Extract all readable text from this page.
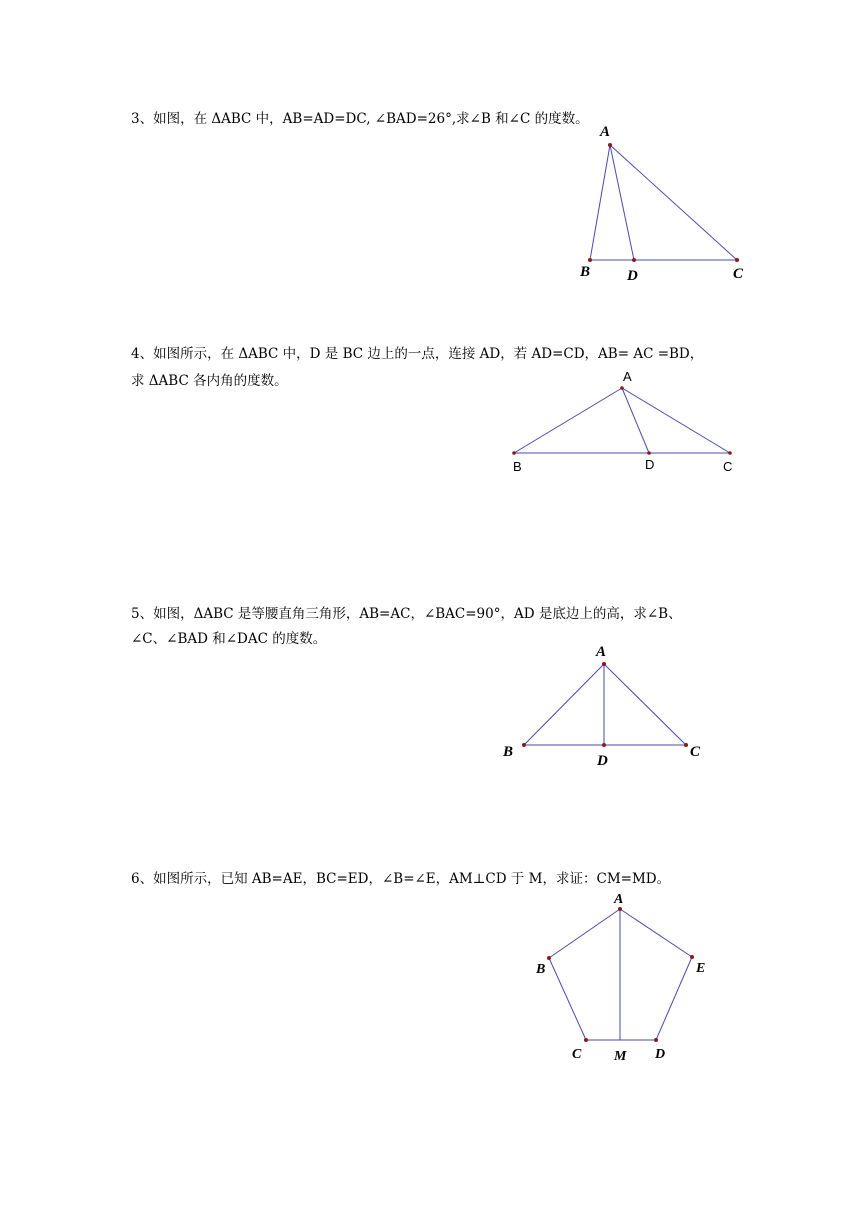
3、如图，在 ΔABC 中，AB=AD=DC, ∠BAD=26°,求∠B 和∠C 的度数。
A
B D	C
4、如图所示，在 ΔABC 中，D 是 BC 边上的一点，连接 AD，若 AD=CD，AB= AC =BD，
求 ΔABC 各内角的度数。	A
B	D	C
5、如图，ΔABC 是等腰直角三角形，AB=AC，∠BAC=90°，AD 是底边上的高，求∠B、
∠C、∠BAD 和∠DAC 的度数。
A
B
D
C
6、如图所示，已知 AB=AE，BC=ED，∠B=∠E，AM⊥CD 于 M，求证：CM=MD。
A
B	E
C M D
